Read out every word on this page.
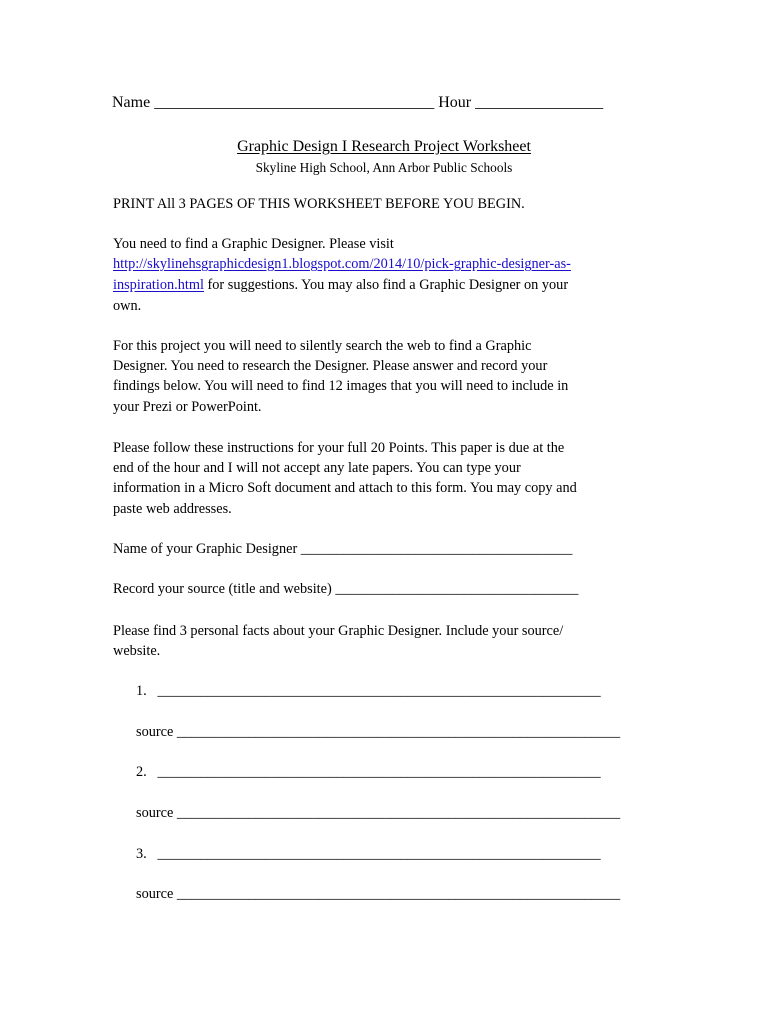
Name ___________________________________ Hour ________________
Graphic Design I Research Project Worksheet
Skyline High School, Ann Arbor Public Schools
PRINT All 3 PAGES OF THIS WORKSHEET BEFORE YOU BEGIN.
You need to find a Graphic Designer. Please visit
http://skylinehsgraphicdesign1.blogspot.com/2014/10/pick-graphic-designer-as-
inspiration.html for suggestions. You may also find a Graphic Designer on your
own.
For this project you will need to silently search the web to find a Graphic
Designer. You need to research the Designer. Please answer and record your
findings below. You will need to find 12 images that you will need to include in
your Prezi or PowerPoint.
Please follow these instructions for your full 20 Points. This paper is due at the
end of the hour and I will not accept any late papers. You can type your
information in a Micro Soft document and attach to this form. You may copy and
paste web addresses.
Name of your Graphic Designer ______________________________________
Record your source (title and website) __________________________________
Please find 3 personal facts about your Graphic Designer. Include your source/
website.
1.   ______________________________________________________________
source ______________________________________________________________
2.   ______________________________________________________________
source ______________________________________________________________
3.   ______________________________________________________________
source ______________________________________________________________
